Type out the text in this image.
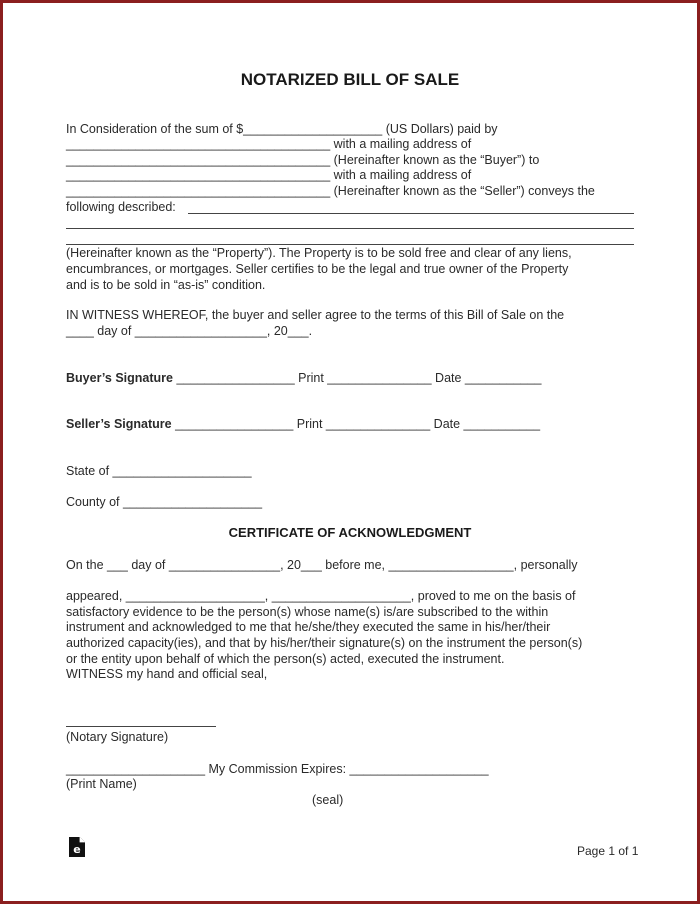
NOTARIZED BILL OF SALE
In Consideration of the sum of $____________________ (US Dollars) paid by
______________________________________ with a mailing address of
______________________________________ (Hereinafter known as the “Buyer”) to
______________________________________ with a mailing address of
______________________________________ (Hereinafter known as the “Seller”) conveys the
following described:
(Hereinafter known as the “Property”). The Property is to be sold free and clear of any liens,
encumbrances, or mortgages. Seller certifies to be the legal and true owner of the Property
and is to be sold in “as-is” condition.
IN WITNESS WHEREOF, the buyer and seller agree to the terms of this Bill of Sale on the
____ day of ___________________, 20___.
Buyer’s Signature _________________ Print _______________ Date ___________
Seller’s Signature _________________ Print _______________ Date ___________
State of ____________________
County of ____________________
CERTIFICATE OF ACKNOWLEDGMENT
On the ___ day of ________________, 20___ before me, __________________, personally
appeared, ____________________, ____________________, proved to me on the basis of
satisfactory evidence to be the person(s) whose name(s) is/are subscribed to the within
instrument and acknowledged to me that he/she/they executed the same in his/her/their
authorized capacity(ies), and that by his/her/their signature(s) on the instrument the person(s)
or the entity upon behalf of which the person(s) acted, executed the instrument.
WITNESS my hand and official seal,
(Notary Signature)
____________________ My Commission Expires: ____________________
(Print Name)
(seal)
e	Page 1 of 1
